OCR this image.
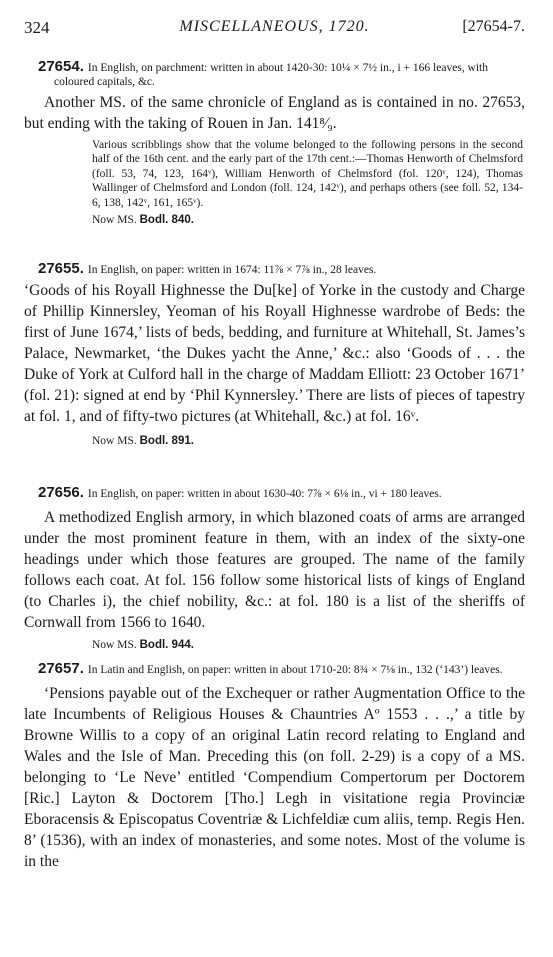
324	MISCELLANEOUS, 1720.	[27654-7.
27654. In English, on parchment: written in about 1420-30: 10¼ × 7½ in., i + 166 leaves, with coloured capitals, &c.
Another MS. of the same chronicle of England as is contained in no. 27653, but ending with the taking of Rouen in Jan. 141⁸⁄₉.
Various scribblings show that the volume belonged to the following persons in the second half of the 16th cent. and the early part of the 17th cent.:—Thomas Henworth of Chelmsford (foll. 53, 74, 123, 164ᵛ), William Henworth of Chelmsford (fol. 120ᵛ, 124), Thomas Wallinger of Chelmsford and London (foll. 124, 142ᵛ), and perhaps others (see foll. 52, 134-6, 138, 142ᵛ, 161, 165ᵛ).
Now MS. Bodl. 840.
27655. In English, on paper: written in 1674: 11⅞ × 7⅞ in., 28 leaves.
‘Goods of his Royall Highnesse the Du[ke] of Yorke in the custody and Charge of Phillip Kinnersley, Yeoman of his Royall Highnesse wardrobe of Beds: the first of June 1674,’ lists of beds, bedding, and furniture at Whitehall, St. James’s Palace, Newmarket, ‘the Dukes yacht the Anne,’ &c.: also ‘Goods of . . . the Duke of York at Culford hall in the charge of Maddam Elliott: 23 October 1671’ (fol. 21): signed at end by ‘Phil Kynnersley.’ There are lists of pieces of tapestry at fol. 1, and of fifty-two pictures (at Whitehall, &c.) at fol. 16ᵛ.
Now MS. Bodl. 891.
27656. In English, on paper: written in about 1630-40: 7⅞ × 6⅛ in., vi + 180 leaves.
A methodized English armory, in which blazoned coats of arms are arranged under the most prominent feature in them, with an index of the sixty-one headings under which those features are grouped. The name of the family follows each coat. At fol. 156 follow some historical lists of kings of England (to Charles i), the chief nobility, &c.: at fol. 180 is a list of the sheriffs of Cornwall from 1566 to 1640.
Now MS. Bodl. 944.
27657. In Latin and English, on paper: written in about 1710-20: 8¾ × 7⅛ in., 132 (‘143’) leaves.
‘Pensions payable out of the Exchequer or rather Augmentation Office to the late Incumbents of Religious Houses & Chauntries Aº 1553 . . .,’ a title by Browne Willis to a copy of an original Latin record relating to England and Wales and the Isle of Man. Preceding this (on foll. 2-29) is a copy of a MS. belonging to ‘Le Neve’ entitled ‘Compendium Compertorum per Doctorem [Ric.] Layton & Doctorem [Tho.] Legh in visitatione regia Provinciæ Eboracensis & Episcopatus Coventriæ & Lichfeldiæ cum aliis, temp. Regis Hen. 8’ (1536), with an index of monasteries, and some notes. Most of the volume is in the
